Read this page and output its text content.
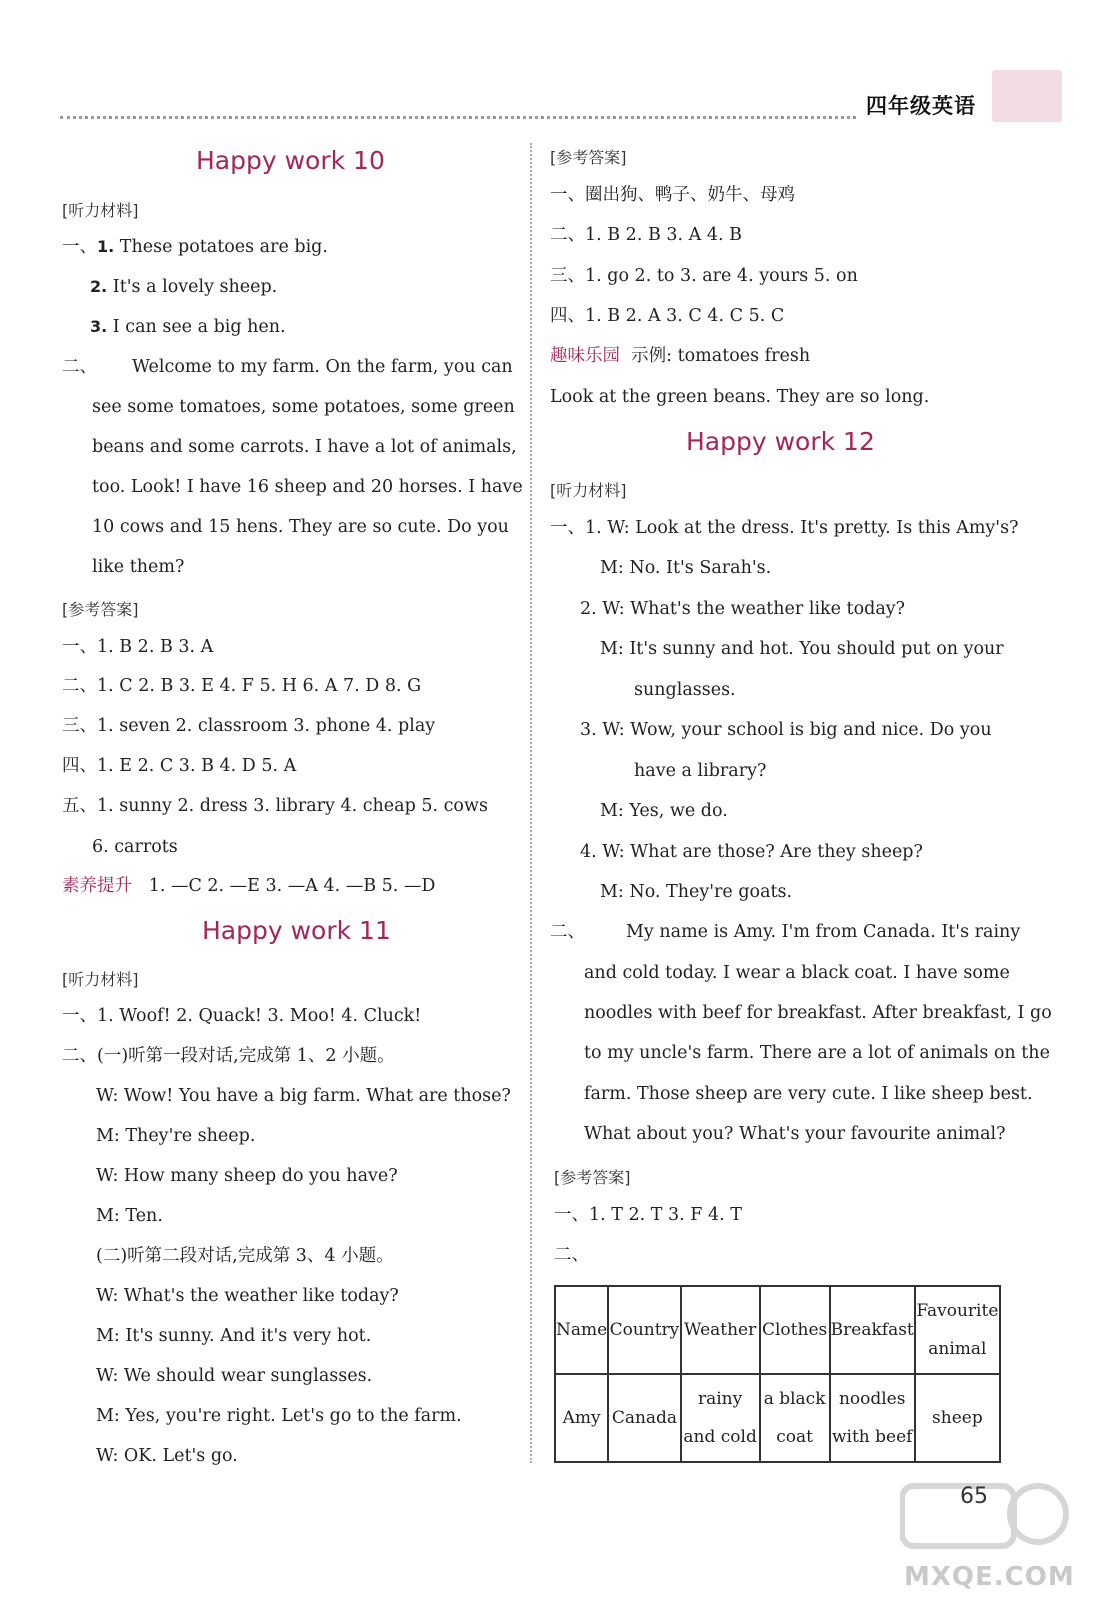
四年级英语
Happy work 10
[听力材料]
一、1. These potatoes are big.
2. It's a lovely sheep.
3. I can see a big hen.
二、 Welcome to my farm. On the farm, you can
see some tomatoes, some potatoes, some green
beans and some carrots. I have a lot of animals,
too. Look! I have 16 sheep and 20 horses. I have
10 cows and 15 hens. They are so cute. Do you
like them?
[参考答案]
一、1. B 2. B 3. A
二、1. C 2. B 3. E 4. F 5. H 6. A 7. D 8. G
三、1. seven 2. classroom 3. phone 4. play
四、1. E 2. C 3. B 4. D 5. A
五、1. sunny 2. dress 3. library 4. cheap 5. cows
6. carrots
素养提升 1. —C 2. —E 3. —A 4. —B 5. —D
Happy work 11
[听力材料]
一、1. Woof! 2. Quack! 3. Moo! 4. Cluck!
二、(一)听第一段对话,完成第 1、2 小题。
W: Wow! You have a big farm. What are those?
M: They're sheep.
W: How many sheep do you have?
M: Ten.
(二)听第二段对话,完成第 3、4 小题。
W: What's the weather like today?
M: It's sunny. And it's very hot.
W: We should wear sunglasses.
M: Yes, you're right. Let's go to the farm.
W: OK. Let's go.
[参考答案]
一、圈出狗、鸭子、奶牛、母鸡
二、1. B 2. B 3. A 4. B
三、1. go 2. to 3. are 4. yours 5. on
四、1. B 2. A 3. C 4. C 5. C
趣味乐园 示例: tomatoes fresh
Look at the green beans. They are so long.
Happy work 12
[听力材料]
一、1. W: Look at the dress. It's pretty. Is this Amy's?
M: No. It's Sarah's.
2. W: What's the weather like today?
M: It's sunny and hot. You should put on your
sunglasses.
3. W: Wow, your school is big and nice. Do you
have a library?
M: Yes, we do.
4. W: What are those? Are they sheep?
M: No. They're goats.
二、 My name is Amy. I'm from Canada. It's rainy
and cold today. I wear a black coat. I have some
noodles with beef for breakfast. After breakfast, I go
to my uncle's farm. There are a lot of animals on the
farm. Those sheep are very cute. I like sheep best.
What about you? What's your favourite animal?
[参考答案]
一、1. T 2. T 3. F 4. T
二、
Name	Country	Weather	Clothes	Breakfast	Favourite animal
Amy	Canada	rainy and cold	a black coat	noodles with beef	sheep
65
MXQE.COM
